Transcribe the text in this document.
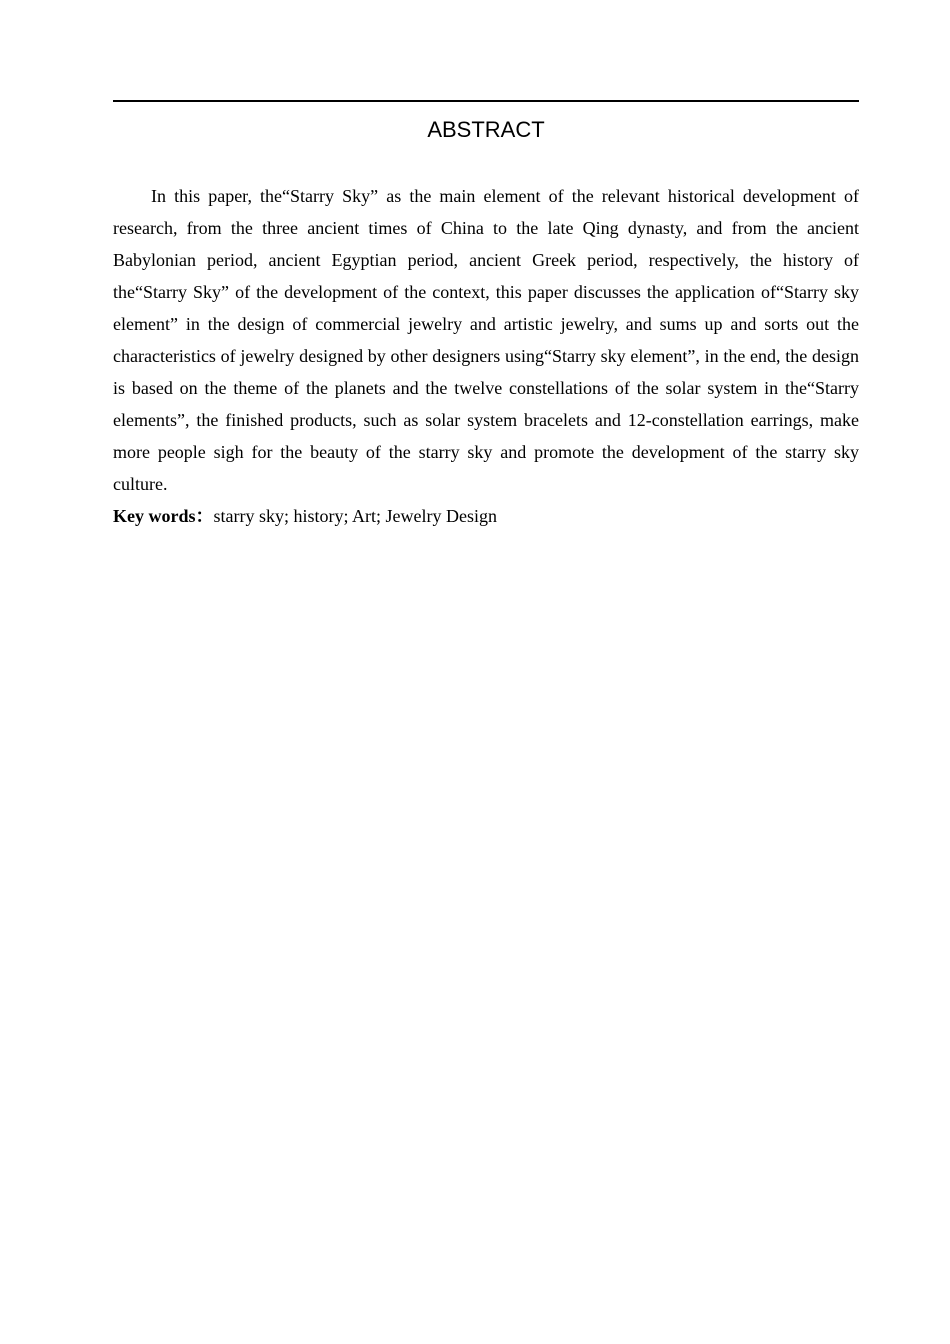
ABSTRACT

In this paper, the“Starry Sky” as the main element of the relevant historical development of research, from the three ancient times of China to the late Qing dynasty, and from the ancient Babylonian period, ancient Egyptian period, ancient Greek period, respectively, the history of the“Starry Sky” of the development of the context, this paper discusses the application of“Starry sky element” in the design of commercial jewelry and artistic jewelry, and sums up and sorts out the characteristics of jewelry designed by other designers using“Starry sky element”, in the end, the design is based on the theme of the planets and the twelve constellations of the solar system in the“Starry elements”, the finished products, such as solar system bracelets and 12-constellation earrings, make more people sigh for the beauty of the starry sky and promote the development of the starry sky culture.

Key words：starry sky; history; Art; Jewelry Design
